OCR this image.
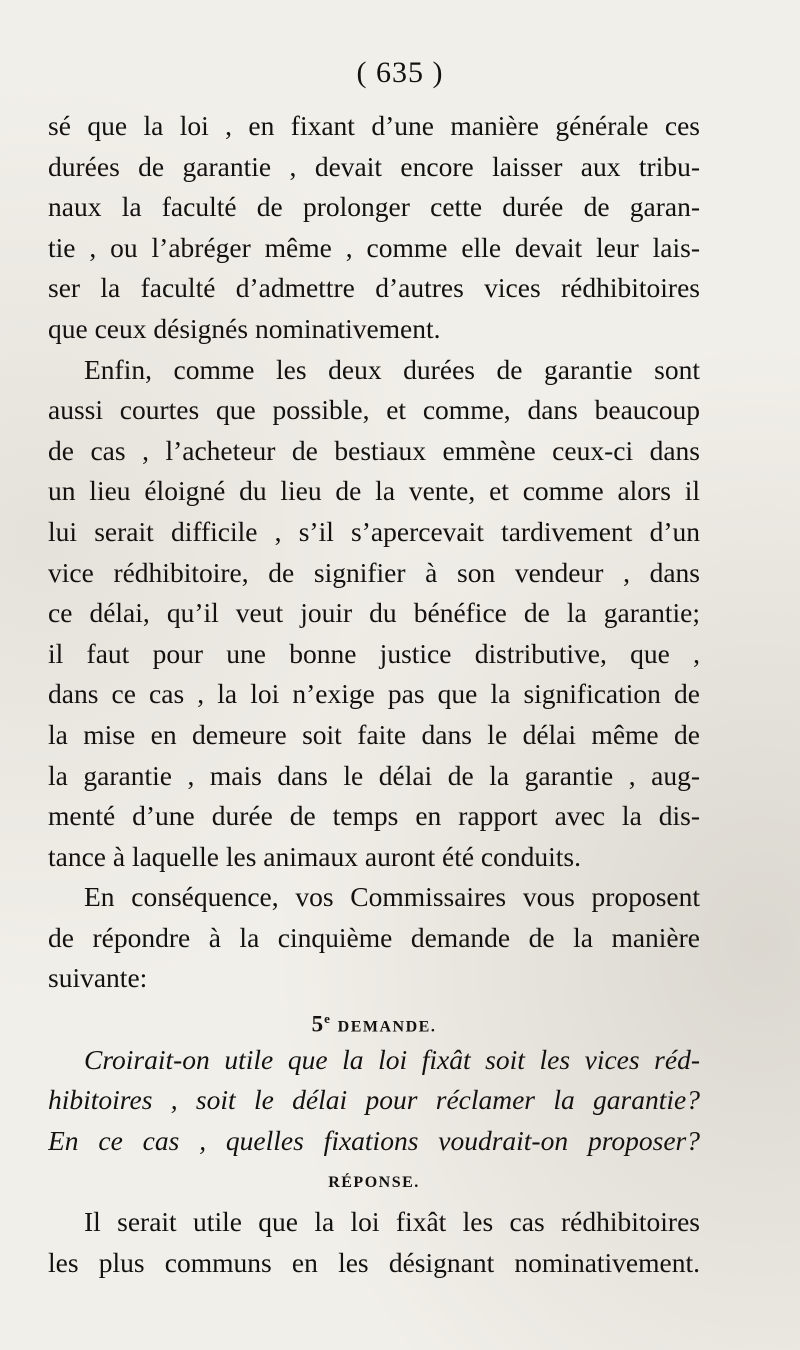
( 635 )
sé que la loi , en fixant d’une manière générale ces
durées de garantie , devait encore laisser aux tribu-
naux la faculté de prolonger cette durée de garan-
tie , ou l’abréger même , comme elle devait leur lais-
ser la faculté d’admettre d’autres vices rédhibitoires
que ceux désignés nominativement.
Enfin, comme les deux durées de garantie sont
aussi courtes que possible, et comme, dans beaucoup
de cas , l’acheteur de bestiaux emmène ceux-ci dans
un lieu éloigné du lieu de la vente, et comme alors il
lui serait difficile , s’il s’apercevait tardivement d’un
vice rédhibitoire, de signifier à son vendeur , dans
ce délai, qu’il veut jouir du bénéfice de la garantie;
il faut pour une bonne justice distributive, que ,
dans ce cas , la loi n’exige pas que la signification de
la mise en demeure soit faite dans le délai même de
la garantie , mais dans le délai de la garantie , aug-
menté d’une durée de temps en rapport avec la dis-
tance à laquelle les animaux auront été conduits.
En conséquence, vos Commissaires vous proposent
de répondre à la cinquième demande de la manière
suivante:
5e DEMANDE.
Croirait-on utile que la loi fixât soit les vices réd-
hibitoires , soit le délai pour réclamer la garantie?
En ce cas , quelles fixations voudrait-on proposer?
RÉPONSE.
Il serait utile que la loi fixât les cas rédhibitoires
les plus communs en les désignant nominativement.
